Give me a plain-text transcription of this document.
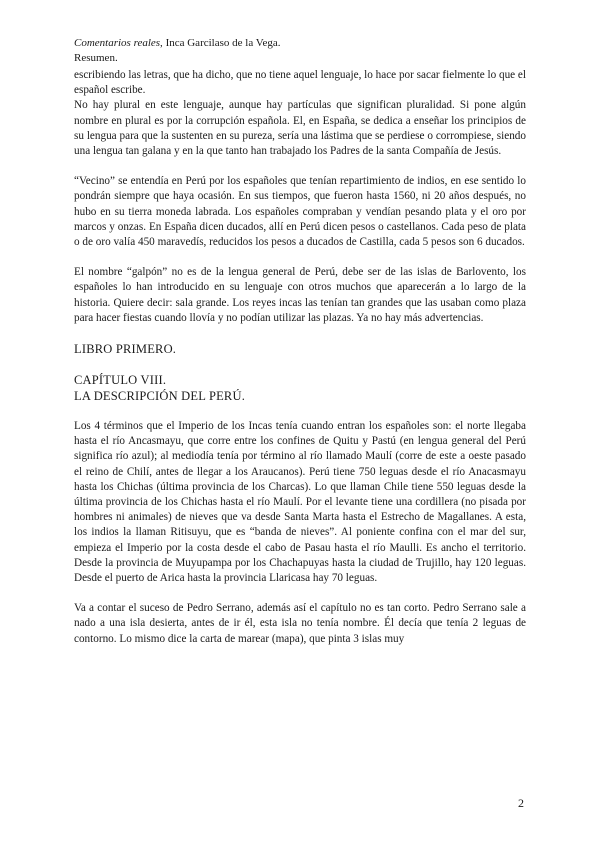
Comentarios reales, Inca Garcilaso de la Vega.
Resumen.

escribiendo las letras, que ha dicho, que no tiene aquel lenguaje, lo hace por sacar fielmente lo que el español escribe.

No hay plural en este lenguaje, aunque hay partículas que significan pluralidad. Si pone algún nombre en plural es por la corrupción española. El, en España, se dedica a enseñar los principios de su lengua para que la sustenten en su pureza, sería una lástima que se perdiese o corrompiese, siendo una lengua tan galana y en la que tanto han trabajado los Padres de la santa Compañía de Jesús.

“Vecino” se entendía en Perú por los españoles que tenían repartimiento de indios, en ese sentido lo pondrán siempre que haya ocasión. En sus tiempos, que fueron hasta 1560, ni 20 años después, no hubo en su tierra moneda labrada. Los españoles compraban y vendían pesando plata y el oro por marcos y onzas. En España dicen ducados, allí en Perú dicen pesos o castellanos. Cada peso de plata o de oro valía 450 maravedís, reducidos los pesos a ducados de Castilla, cada 5 pesos son 6 ducados.

El nombre “galpón” no es de la lengua general de Perú, debe ser de las islas de Barlovento, los españoles lo han introducido en su lenguaje con otros muchos que aparecerán a lo largo de la historia. Quiere decir: sala grande. Los reyes incas las tenían tan grandes que las usaban como plaza para hacer fiestas cuando llovía y no podían utilizar las plazas. Ya no hay más advertencias.

LIBRO PRIMERO.

CAPÍTULO VIII.

LA DESCRIPCIÓN DEL PERÚ.

Los 4 términos que el Imperio de los Incas tenía cuando entran los españoles son: el norte llegaba hasta el río Ancasmayu, que corre entre los confines de Quitu y Pastú (en lengua general del Perú significa río azul); al mediodía tenía por término al río llamado Maulí (corre de este a oeste pasado el reino de Chilí, antes de llegar a los Araucanos). Perú tiene 750 leguas desde el río Anacasmayu hasta los Chichas (última provincia de los Charcas). Lo que llaman Chile tiene 550 leguas desde la última provincia de los Chichas hasta el río Maulí. Por el levante tiene una cordillera (no pisada por hombres ni animales) de nieves que va desde Santa Marta hasta el Estrecho de Magallanes. A esta, los indios la llaman Ritisuyu, que es “banda de nieves”. Al poniente confina con el mar del sur, empieza el Imperio por la costa desde el cabo de Pasau hasta el río Maulli. Es ancho el territorio. Desde la provincia de Muyupampa por los Chachapuyas hasta la ciudad de Trujillo, hay 120 leguas. Desde el puerto de Arica hasta la provincia Llaricasa hay 70 leguas.

Va a contar el suceso de Pedro Serrano, además así el capítulo no es tan corto. Pedro Serrano sale a nado a una isla desierta, antes de ir él, esta isla no tenía nombre. Él decía que tenía 2 leguas de contorno. Lo mismo dice la carta de marear (mapa), que pinta 3 islas muy

2
